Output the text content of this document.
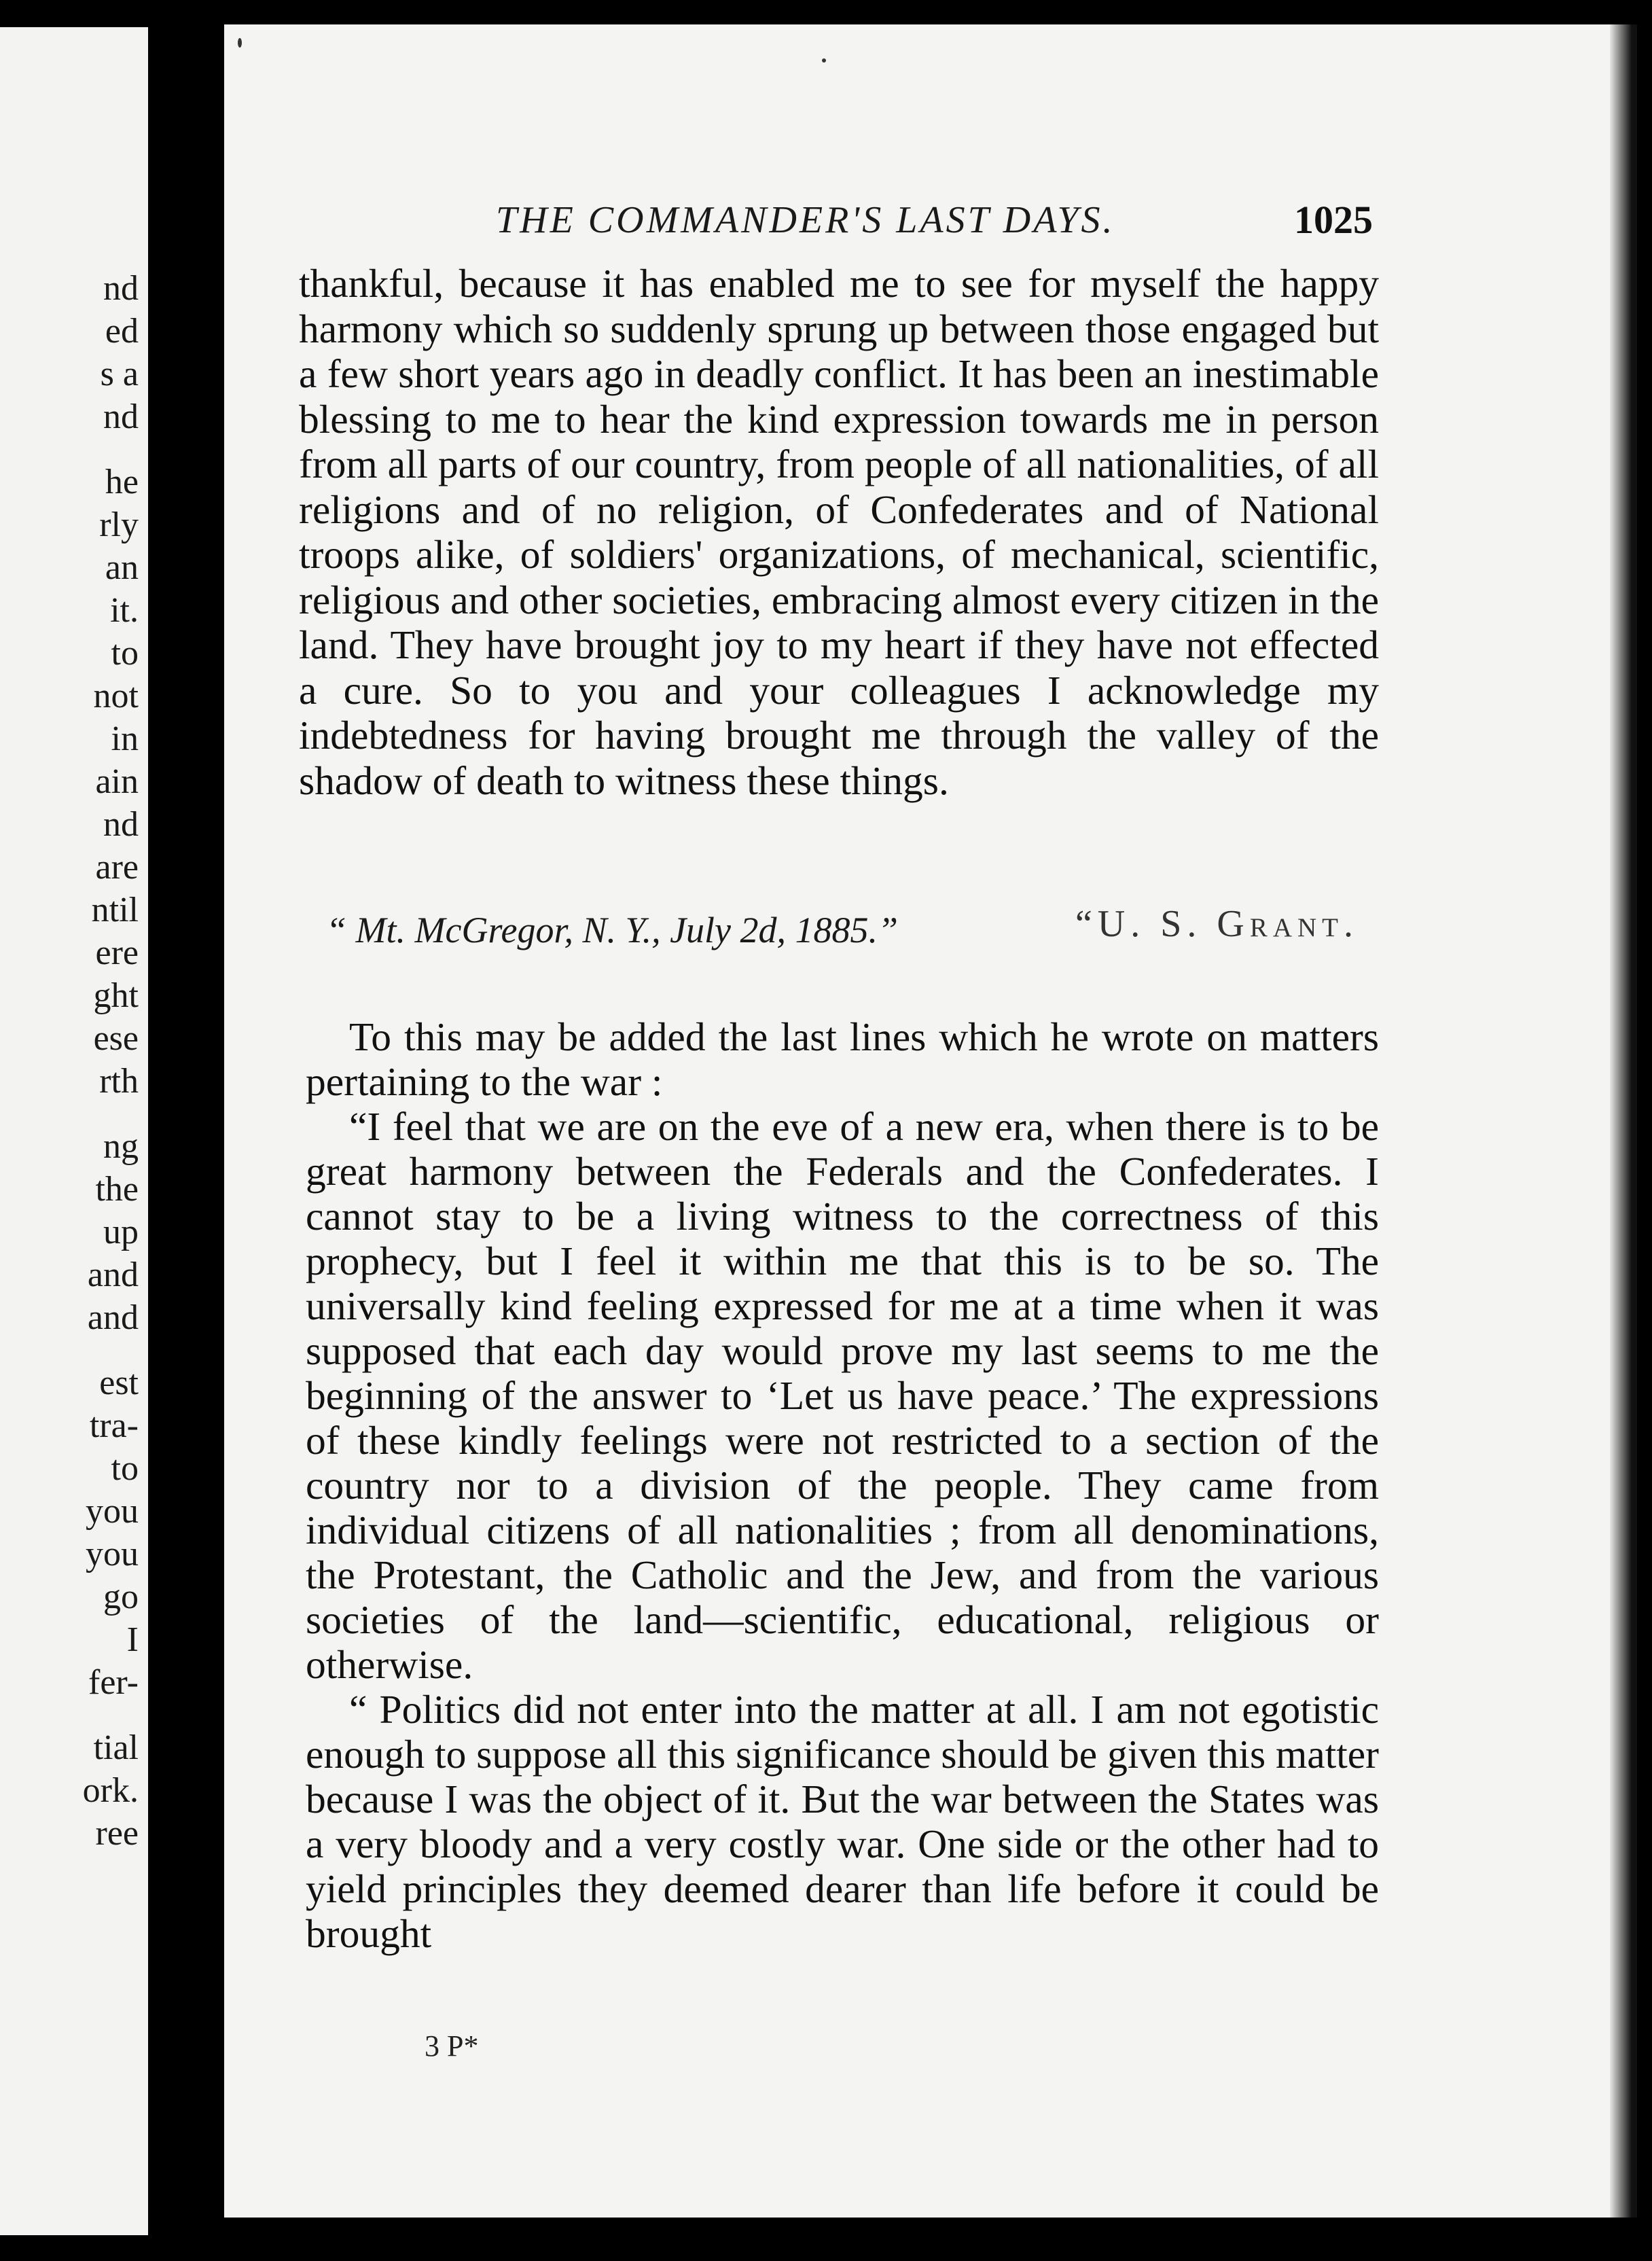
nd
ed
s a
nd
he
rly
an
it.
to
not
in
ain
nd
are
ntil
ere
ght
ese
rth
ng
the
up
and
and
est
tra-
to
you
you
go
I
fer-
tial
ork.
ree
THE COMMANDER'S LAST DAYS.	1025

thankful, because it has enabled me to see for myself the happy harmony which so suddenly sprung up between those engaged but a few short years ago in deadly conflict. It has been an inestimable blessing to me to hear the kind expression towards me in person from all parts of our country, from people of all nationalities, of all religions and of no religion, of Confederates and of National troops alike, of soldiers' organizations, of mechanical, scientific, religious and other societies, embracing almost every citizen in the land. They have brought joy to my heart if they have not effected a cure. So to you and your colleagues I acknowledge my indebtedness for having brought me through the valley of the shadow of death to witness these things.

“ Mt. McGregor, N. Y., July 2d, 1885.”	“U. S. Grant.

To this may be added the last lines which he wrote on matters pertaining to the war :

“I feel that we are on the eve of a new era, when there is to be great harmony between the Federals and the Confederates. I cannot stay to be a living witness to the correctness of this prophecy, but I feel it within me that this is to be so. The universally kind feeling expressed for me at a time when it was supposed that each day would prove my last seems to me the beginning of the answer to ‘Let us have peace.’ The expressions of these kindly feelings were not restricted to a section of the country nor to a division of the people. They came from individual citizens of all nationalities ; from all denominations, the Protestant, the Catholic and the Jew, and from the various societies of the land—scientific, educational, religious or otherwise.

“ Politics did not enter into the matter at all. I am not egotistic enough to suppose all this significance should be given this matter because I was the object of it. But the war between the States was a very bloody and a very costly war. One side or the other had to yield principles they deemed dearer than life before it could be brought

3 P*
